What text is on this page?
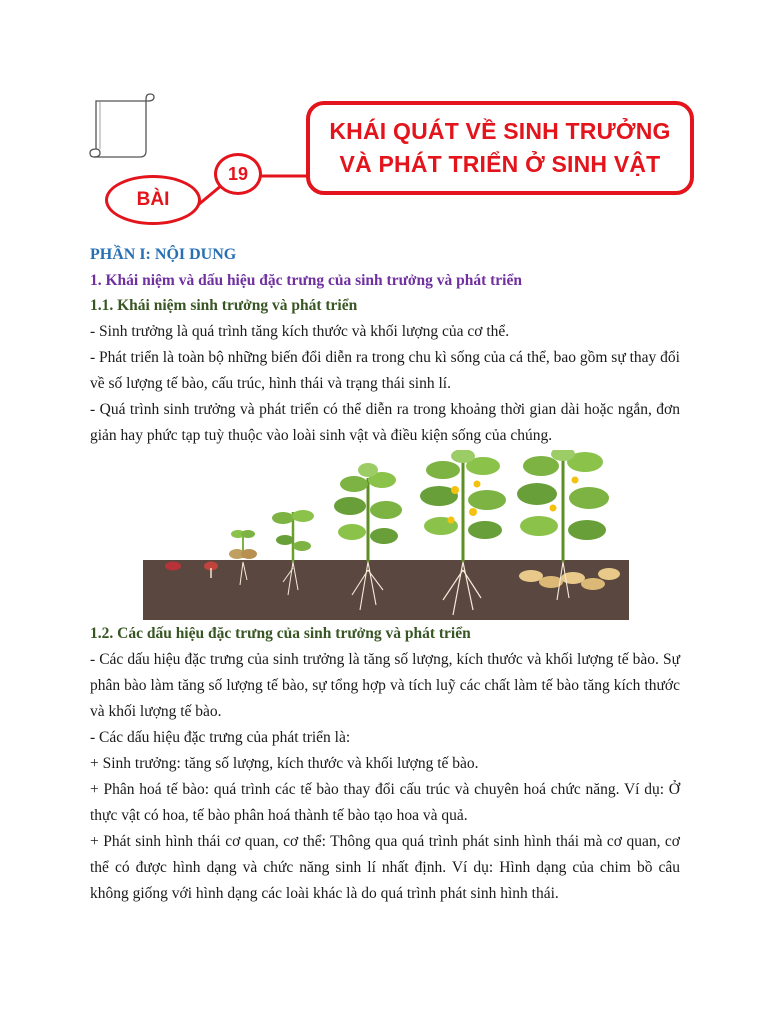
BÀI
19
KHÁI QUÁT VỀ SINH TRƯỞNG
VÀ PHÁT TRIỂN Ở SINH VẬT
PHẦN I: NỘI DUNG
1. Khái niệm và dấu hiệu đặc trưng của sinh trưởng và phát triển
1.1. Khái niệm sinh trưởng và phát triển

- Sinh trưởng là quá trình tăng kích thước và khối lượng của cơ thể.

- Phát triển là toàn bộ những biến đổi diễn ra trong chu kì sống của cá thể, bao gồm sự thay đổi về số lượng tế bào, cấu trúc, hình thái và trạng thái sinh lí.

- Quá trình sinh trưởng và phát triển có thể diễn ra trong khoảng thời gian dài hoặc ngắn, đơn giản hay phức tạp tuỳ thuộc vào loài sinh vật và điều kiện sống của chúng.

1.2. Các dấu hiệu đặc trưng của sinh trưởng và phát triển

- Các dấu hiệu đặc trưng của sinh trưởng là tăng số lượng, kích thước và khối lượng tế bào. Sự phân bào làm tăng số lượng tế bào, sự tổng hợp và tích luỹ các chất làm tế bào tăng kích thước và khối lượng tế bào.

- Các dấu hiệu đặc trưng của phát triển là:

+ Sinh trưởng: tăng số lượng, kích thước và khối lượng tế bào.

+ Phân hoá tế bào: quá trình các tế bào thay đổi cấu trúc và chuyên hoá chức năng. Ví dụ: Ở thực vật có hoa, tế bào phân hoá thành tế bào tạo hoa và quả.

+ Phát sinh hình thái cơ quan, cơ thể: Thông qua quá trình phát sinh hình thái mà cơ quan, cơ thể có được hình dạng và chức năng sinh lí nhất định. Ví dụ: Hình dạng của chim bồ câu không giống với hình dạng các loài khác là do quá trình phát sinh hình thái.
